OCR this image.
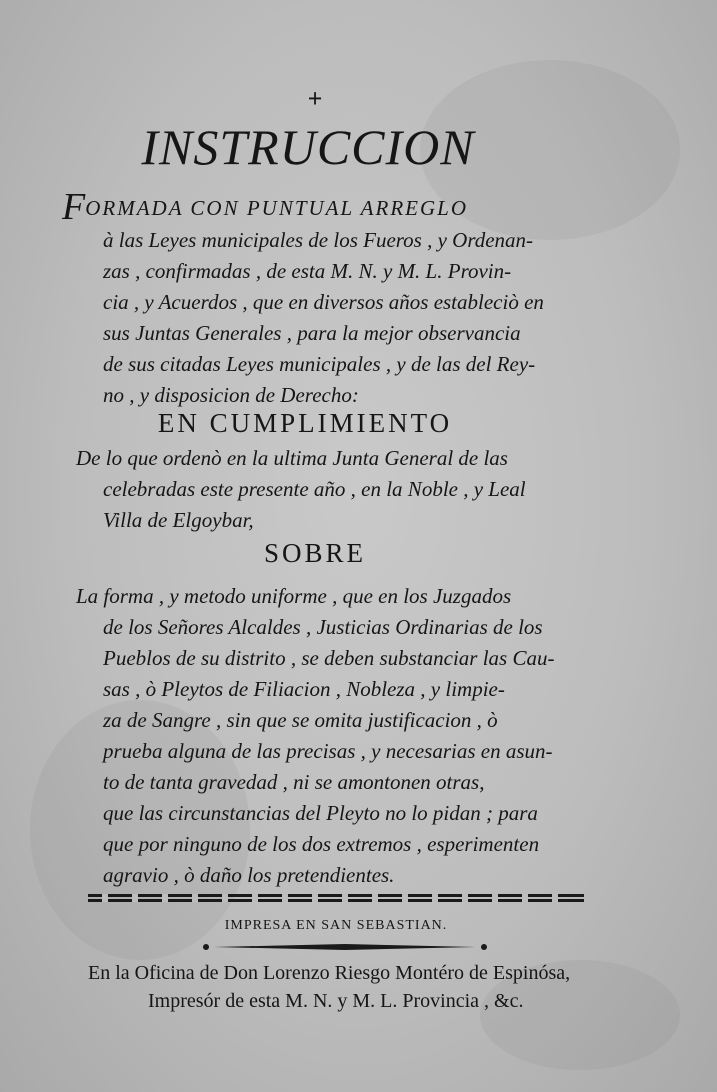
+
INSTRUCCION
FORMADA CON PUNTUAL ARREGLO
à las Leyes municipales de los Fueros , y Ordenan-
zas , confirmadas , de esta M. N. y M. L. Provin-
cia , y Acuerdos , que en diversos años estableciò en
sus Juntas Generales , para la mejor observancia
de sus citadas Leyes municipales , y de las del Rey-
no , y disposicion de Derecho:
EN CUMPLIMIENTO
De lo que ordenò en la ultima Junta General de las
celebradas este presente año , en la Noble , y Leal
Villa de Elgoybar,
SOBRE
La forma , y metodo uniforme , que en los Juzgados
de los Señores Alcaldes , Justicias Ordinarias de los
Pueblos de su distrito , se deben substanciar las Cau-
sas , ò Pleytos de Filiacion , Nobleza , y limpie-
za de Sangre , sin que se omita justificacion , ò
prueba alguna de las precisas , y necesarias en asun-
to de tanta gravedad , ni se amontonen otras,
que las circunstancias del Pleyto no lo pidan ; para
que por ninguno de los dos extremos , esperimenten
agravio , ò daño los pretendientes.
IMPRESA EN SAN SEBASTIAN.
En la Oficina de Don Lorenzo Riesgo Montéro de Espinósa,
Impresór de esta M. N. y M. L. Provincia , &c.
